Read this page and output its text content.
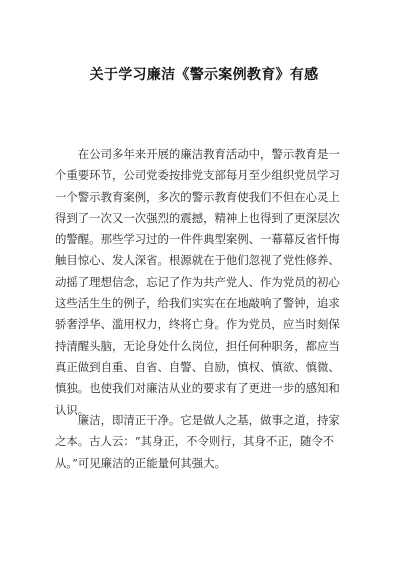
关于学习廉洁《警示案例教育》有感
在公司多年来开展的廉洁教育活动中，警示教育是一
个重要环节，公司党委按排党支部每月至少组织党员学习
一个警示教育案例，多次的警示教育使我们不但在心灵上
得到了一次又一次强烈的震撼，精神上也得到了更深层次
的警醒。那些学习过的一件件典型案例、一幕幕反省忏悔
触目惊心、发人深省。根源就在于他们忽视了党性修养、
动摇了理想信念，忘记了作为共产党人、作为党员的初心
这些活生生的例子，给我们实实在在地敲响了警钟，追求
骄奢浮华、滥用权力，终将亡身。作为党员，应当时刻保
持清醒头脑，无论身处什么岗位，担任何种职务，都应当
真正做到自重、自省、自警、自励，慎权、慎欲、慎微、
慎独。也使我们对廉洁从业的要求有了更进一步的感知和
认识。
廉洁，即清正干净。它是做人之基，做事之道，持家
之本。古人云：“其身正，不令则行，其身不正，随令不
从。”可见廉洁的正能量何其强大。
